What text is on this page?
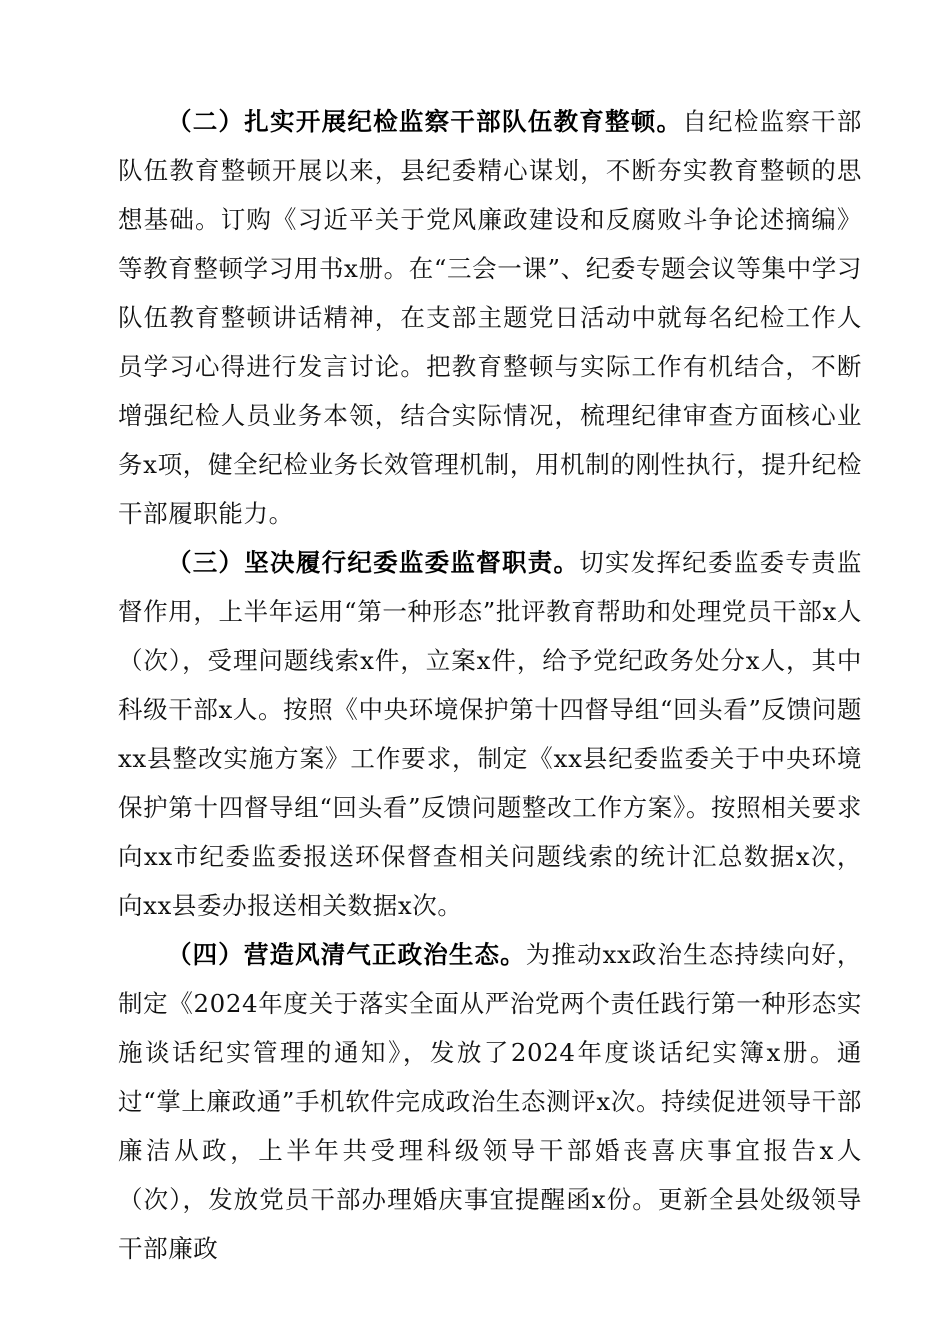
（二）扎实开展纪检监察干部队伍教育整顿。自纪检监察干部队伍教育整顿开展以来，县纪委精心谋划，不断夯实教育整顿的思想基础。订购《习近平关于党风廉政建设和反腐败斗争论述摘编》等教育整顿学习用书x册。在“三会一课”、纪委专题会议等集中学习队伍教育整顿讲话精神，在支部主题党日活动中就每名纪检工作人员学习心得进行发言讨论。把教育整顿与实际工作有机结合，不断增强纪检人员业务本领，结合实际情况，梳理纪律审查方面核心业务x项，健全纪检业务长效管理机制，用机制的刚性执行，提升纪检干部履职能力。

（三）坚决履行纪委监委监督职责。切实发挥纪委监委专责监督作用，上半年运用“第一种形态”批评教育帮助和处理党员干部x人（次），受理问题线索x件，立案x件，给予党纪政务处分x人，其中科级干部x人。按照《中央环境保护第十四督导组“回头看”反馈问题xx县整改实施方案》工作要求，制定《xx县纪委监委关于中央环境保护第十四督导组“回头看”反馈问题整改工作方案》。按照相关要求向xx市纪委监委报送环保督查相关问题线索的统计汇总数据x次，向xx县委办报送相关数据x次。

（四）营造风清气正政治生态。为推动xx政治生态持续向好，制定《2024年度关于落实全面从严治党两个责任践行第一种形态实施谈话纪实管理的通知》，发放了2024年度谈话纪实簿x册。通过“掌上廉政通”手机软件完成政治生态测评x次。持续促进领导干部廉洁从政，上半年共受理科级领导干部婚丧喜庆事宜报告x人（次），发放党员干部办理婚庆事宜提醒函x份。更新全县处级领导干部廉政
